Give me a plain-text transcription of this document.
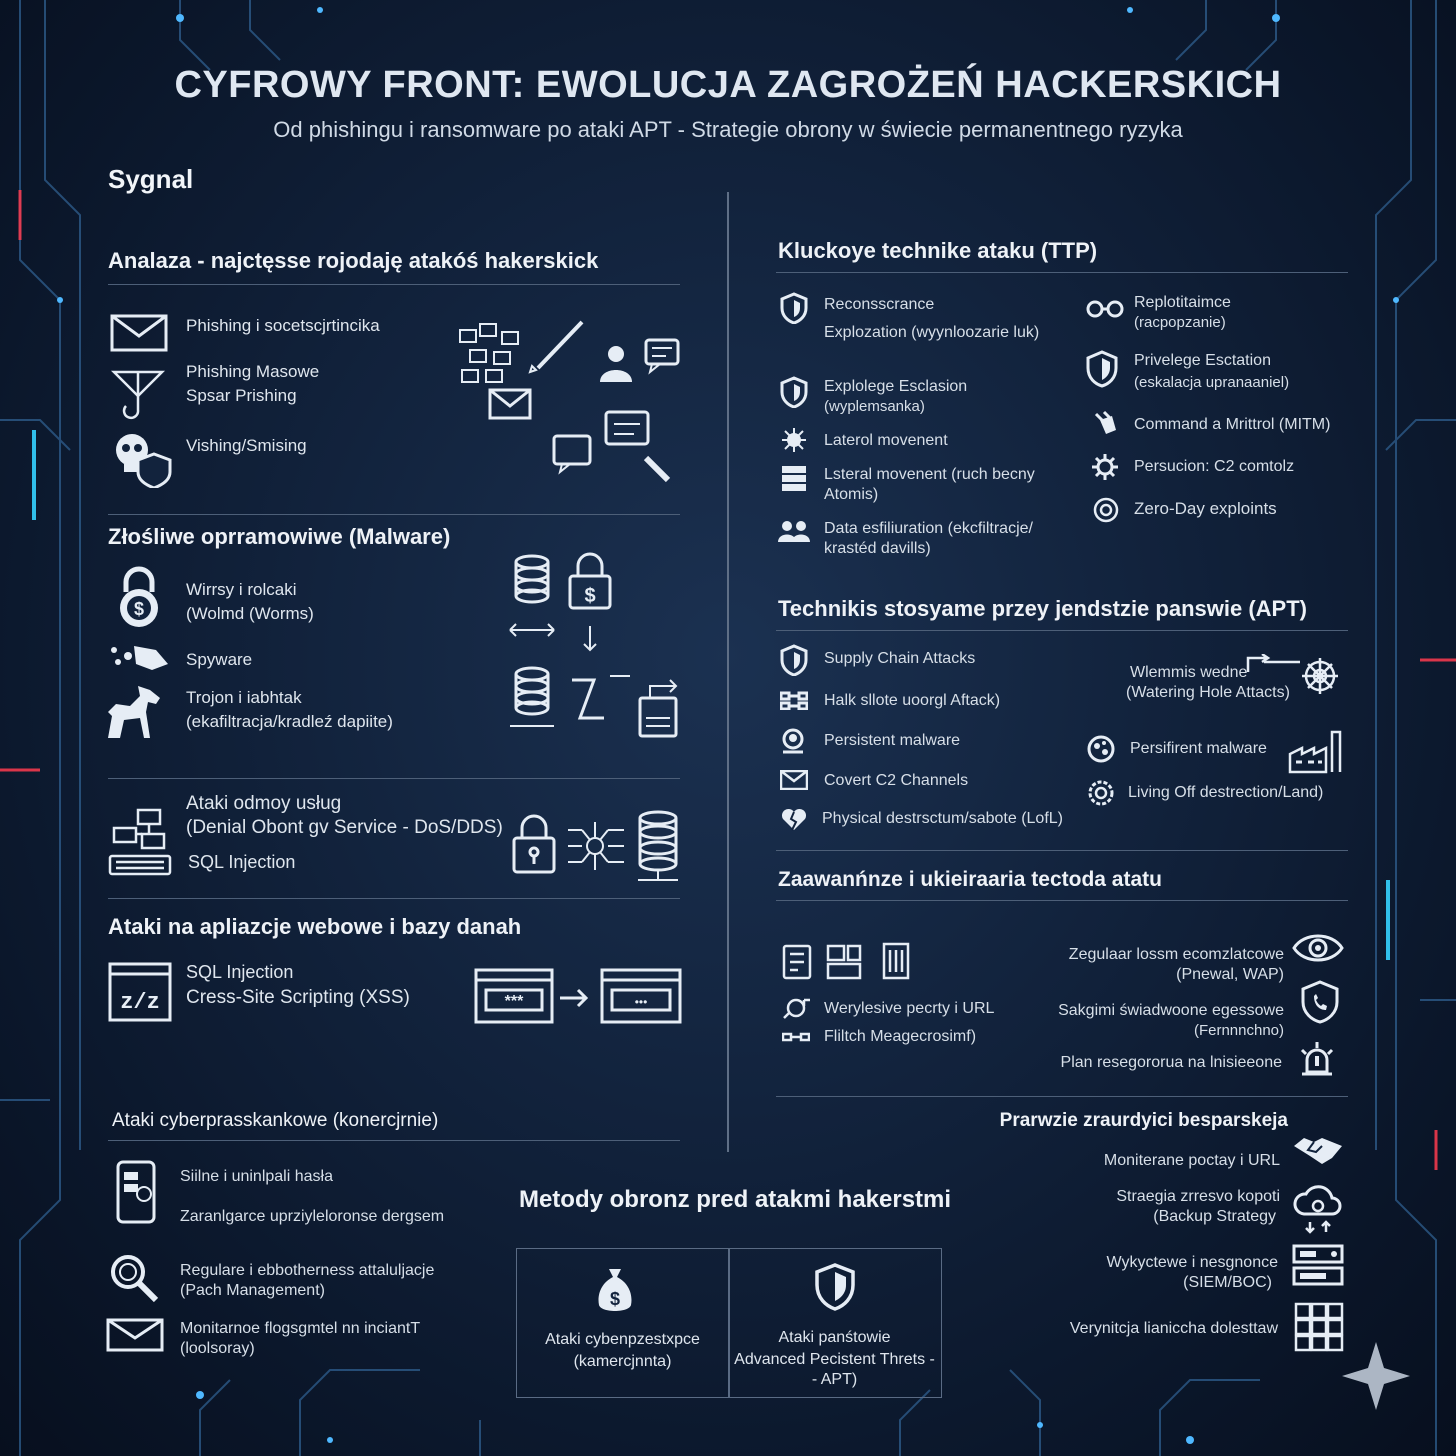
CYFROWY FRONT: EWOLUCJA ZAGROŻEŃ HACKERSKICH
Od phishingu i ransomware po ataki APT - Strategie obrony w świecie permanentnego ryzyka
Sygnal
Analaza - najctęsse rojodaję atakóś hakerskick
Phishing i socetscjrtincika
Phishing Masowe
Spsar Prishing
Vishing/Smising
Złośliwe oprramowiwe (Malware)
$
Wirrsy i rolcaki
(Wolmd (Worms)
Spyware
Trojon i iabhtak
(ekafiltracja/kradleź dapiite)
$
Ataki odmoy usług
(Denial Obont gv Service - DoS/DDS)
SQL Injection
Ataki na apliazcje webowe i bazy danah
z/z
SQL Injection
Cress-Site Scripting (XSS)	***	•••
Ataki cyberprasskankowe (konercjrnie)
Siilne i uninlpali hasła
Zaranlgarce uprziyleloronse dergsem
Regulare i ebbotherness attaluljacje
(Pach Management)
Monitarnoe flogsgmtel nn inciantT
(loolsoray)
Kluckoye technike ataku (TTP)
Reconsscrance
Explozation (wyynloozarie luk)
Explolege Esclasion
(wyplemsanka)
Laterol movenent
Lsteral movenent (ruch becny
Atomis)
Data esfiliuration (ekcfiltracje/
krastéd davills)
Replotitaimce
(racpopzanie)
Privelege Esctation
(eskalacja upranaaniel)
Command a Mrittrol (MITM)
Persucion: C2 comtolz
Zero-Day exploints
Technikis stosyame przey jendstzie panswie (APT)
Supply Chain Attacks
Halk sllote uoorgl Aftack)
Persistent malware
Covert C2 Channels
Physical destrsctum/sabote (LofL)
Wlemmis wedne
(Watering Hole Attacts)
Persifirent malware
Living Off destrection/Land)
Zaawanńnze i ukieiraaria tectoda atatu
Werylesive pecrty i URL
Fliltch Meagecrosimf)
Zegulaar lossm ecomzlatcowe
(Pnewal, WAP)
Sakgimi świadwoone egessowe
(Fernnnchno)
Plan resegororua na lnisieeone
Prarwzie zraurdyici besparskeja
Moniterane poctay i URL
Straegia zrresvo kopoti
(Backup Strategy
Wykyctewe i nesgnonce
(SIEM/BOC)
Verynitcja lianiccha dolesttaw
Metody obronz pred atakmi hakerstmi
$
Ataki cybenpzestxpce
(kamercjnnta)
Ataki panśtowie
Advanced Pecistent Threts -
- APT)
